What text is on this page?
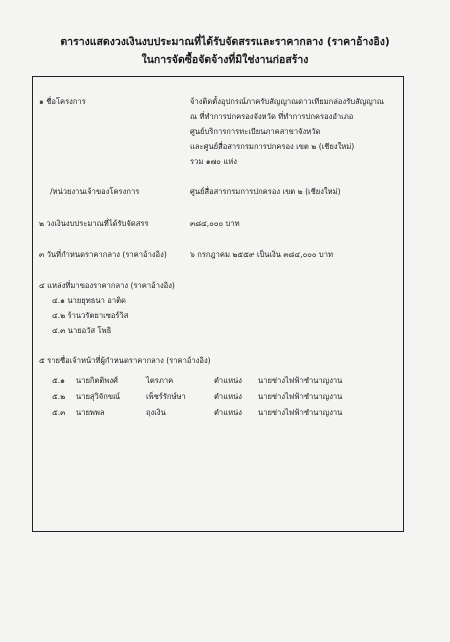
ตารางแสดงวงเงินงบประมาณที่ได้รับจัดสรรและราคากลาง (ราคาอ้างอิง)
ในการจัดซื้อจัดจ้างที่มิใช่งานก่อสร้าง
๑ ชื่อโครงการ	จ้างติดตั้งอุปกรณ์ภาครับสัญญาณดาวเทียมกล่องรับสัญญาณ
ณ ที่ทำการปกครองจังหวัด ที่ทำการปกครองอำเภอ
ศูนย์บริการการทะเบียนภาคสาขาจังหวัด
และศูนย์สื่อสารกรมการปกครอง เขต ๒ (เชียงใหม่)
รวม ๑๗๐ แห่ง
/หน่วยงานเจ้าของโครงการ	ศูนย์สื่อสารกรมการปกครอง เขต ๒ (เชียงใหม่)
๒ วงเงินงบประมาณที่ได้รับจัดสรร	๓๘๔,๐๐๐ บาท
๓ วันที่กำหนดราคากลาง (ราคาอ้างอิง)	๖ กรกฎาคม ๒๕๕๙ เป็นเงิน ๓๘๔,๐๐๐ บาท
๔ แหล่งที่มาของราคากลาง (ราคาอ้างอิง)
๔.๑ นายยุทธนา อาติด
๔.๒ ร้านวรัตยาเซอร์วิส
๔.๓ นายอวัส โพธิ
๕ รายชื่อเจ้าหน้าที่ผู้กำหนดราคากลาง (ราคาอ้างอิง)
๕.๑ นายกิตติพงศ์	ไตรภาค	ตำแหน่ง นายช่างไฟฟ้าชำนาญงาน
๕.๒ นายสุวิจักขณ์	เพ็ชร์รักษ์ษา	ตำแหน่ง นายช่างไฟฟ้าชำนาญงาน
๕.๓ นายพพล	ฤงเงิน	ตำแหน่ง นายช่างไฟฟ้าชำนาญงาน
